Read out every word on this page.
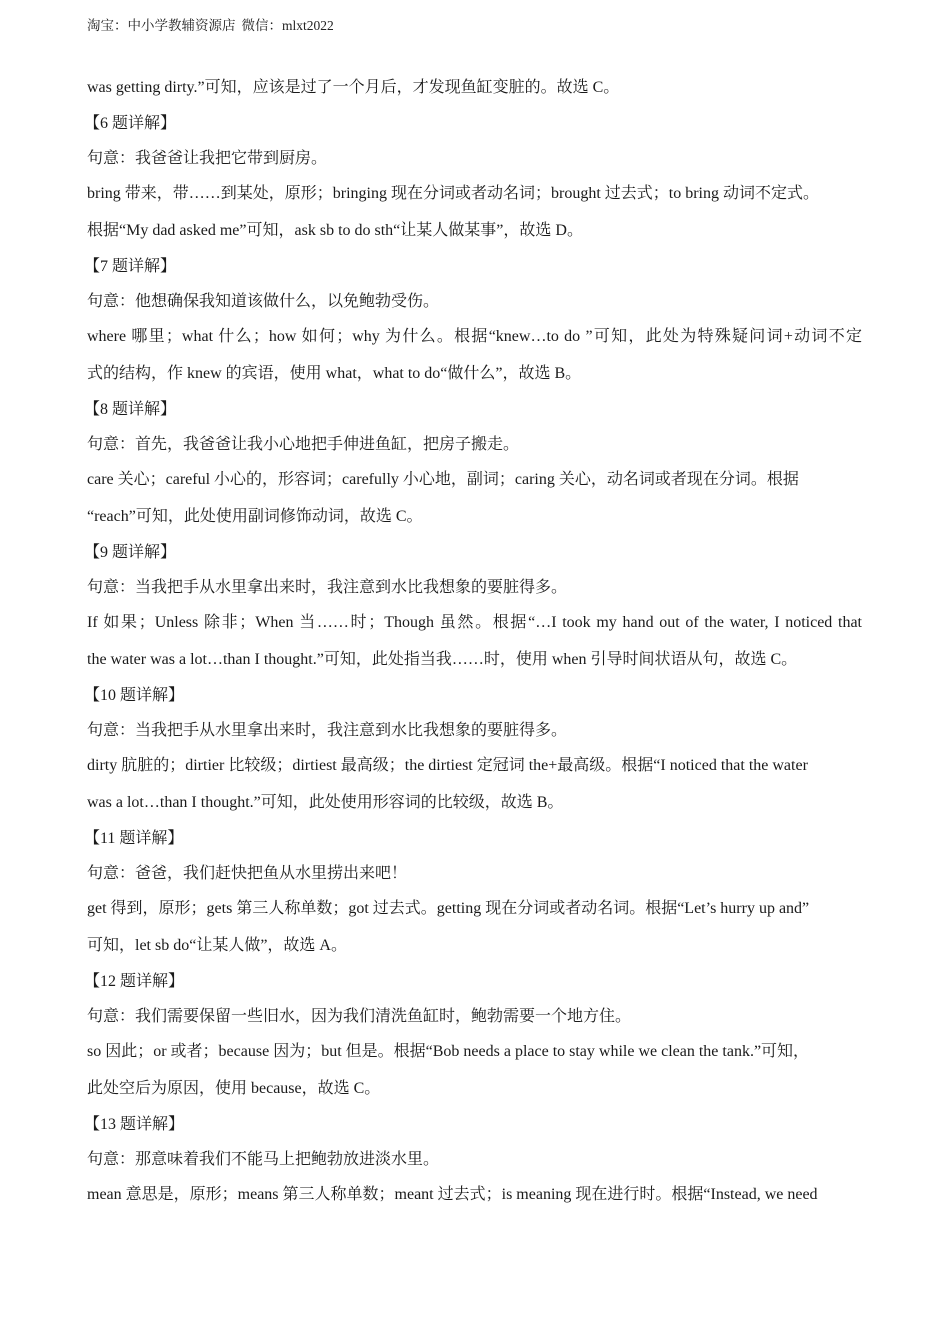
淘宝：中小学教辅资源店 微信：mlxt2022

was getting dirty.”可知，应该是过了一个月后，才发现鱼缸变脏的。故选 C。

【6 题详解】

句意：我爸爸让我把它带到厨房。

bring 带来，带……到某处，原形；bringing 现在分词或者动名词；brought 过去式；to bring 动词不定式。

根据“My dad asked me”可知，ask sb to do sth“让某人做某事”，故选 D。

【7 题详解】

句意：他想确保我知道该做什么，以免鲍勃受伤。

where 哪里；what 什么；how 如何；why 为什么。根据“knew…to do ”可知，此处为特殊疑问词+动词不定

式的结构，作 knew 的宾语，使用 what，what to do“做什么”，故选 B。

【8 题详解】

句意：首先，我爸爸让我小心地把手伸进鱼缸，把房子搬走。

care 关心；careful 小心的，形容词；carefully 小心地，副词；caring 关心，动名词或者现在分词。根据

“reach”可知，此处使用副词修饰动词，故选 C。

【9 题详解】

句意：当我把手从水里拿出来时，我注意到水比我想象的要脏得多。

If 如果；Unless 除非；When 当……时；Though 虽然。根据“…I took my hand out of the water, I noticed that

the water was a lot…than I thought.”可知，此处指当我……时，使用 when 引导时间状语从句，故选 C。

【10 题详解】

句意：当我把手从水里拿出来时，我注意到水比我想象的要脏得多。

dirty 肮脏的；dirtier 比较级；dirtiest 最高级；the dirtiest 定冠词 the+最高级。根据“I noticed that the water

was a lot…than I thought.”可知，此处使用形容词的比较级，故选 B。

【11 题详解】

句意：爸爸，我们赶快把鱼从水里捞出来吧！

get 得到，原形；gets 第三人称单数；got 过去式。getting 现在分词或者动名词。根据“Let’s hurry up and”

可知，let sb do“让某人做”，故选 A。

【12 题详解】

句意：我们需要保留一些旧水，因为我们清洗鱼缸时，鲍勃需要一个地方住。

so 因此；or 或者；because 因为；but 但是。根据“Bob needs a place to stay while we clean the tank.”可知，

此处空后为原因，使用 because，故选 C。

【13 题详解】

句意：那意味着我们不能马上把鲍勃放进淡水里。

mean 意思是，原形；means 第三人称单数；meant 过去式；is meaning 现在进行时。根据“Instead, we need
